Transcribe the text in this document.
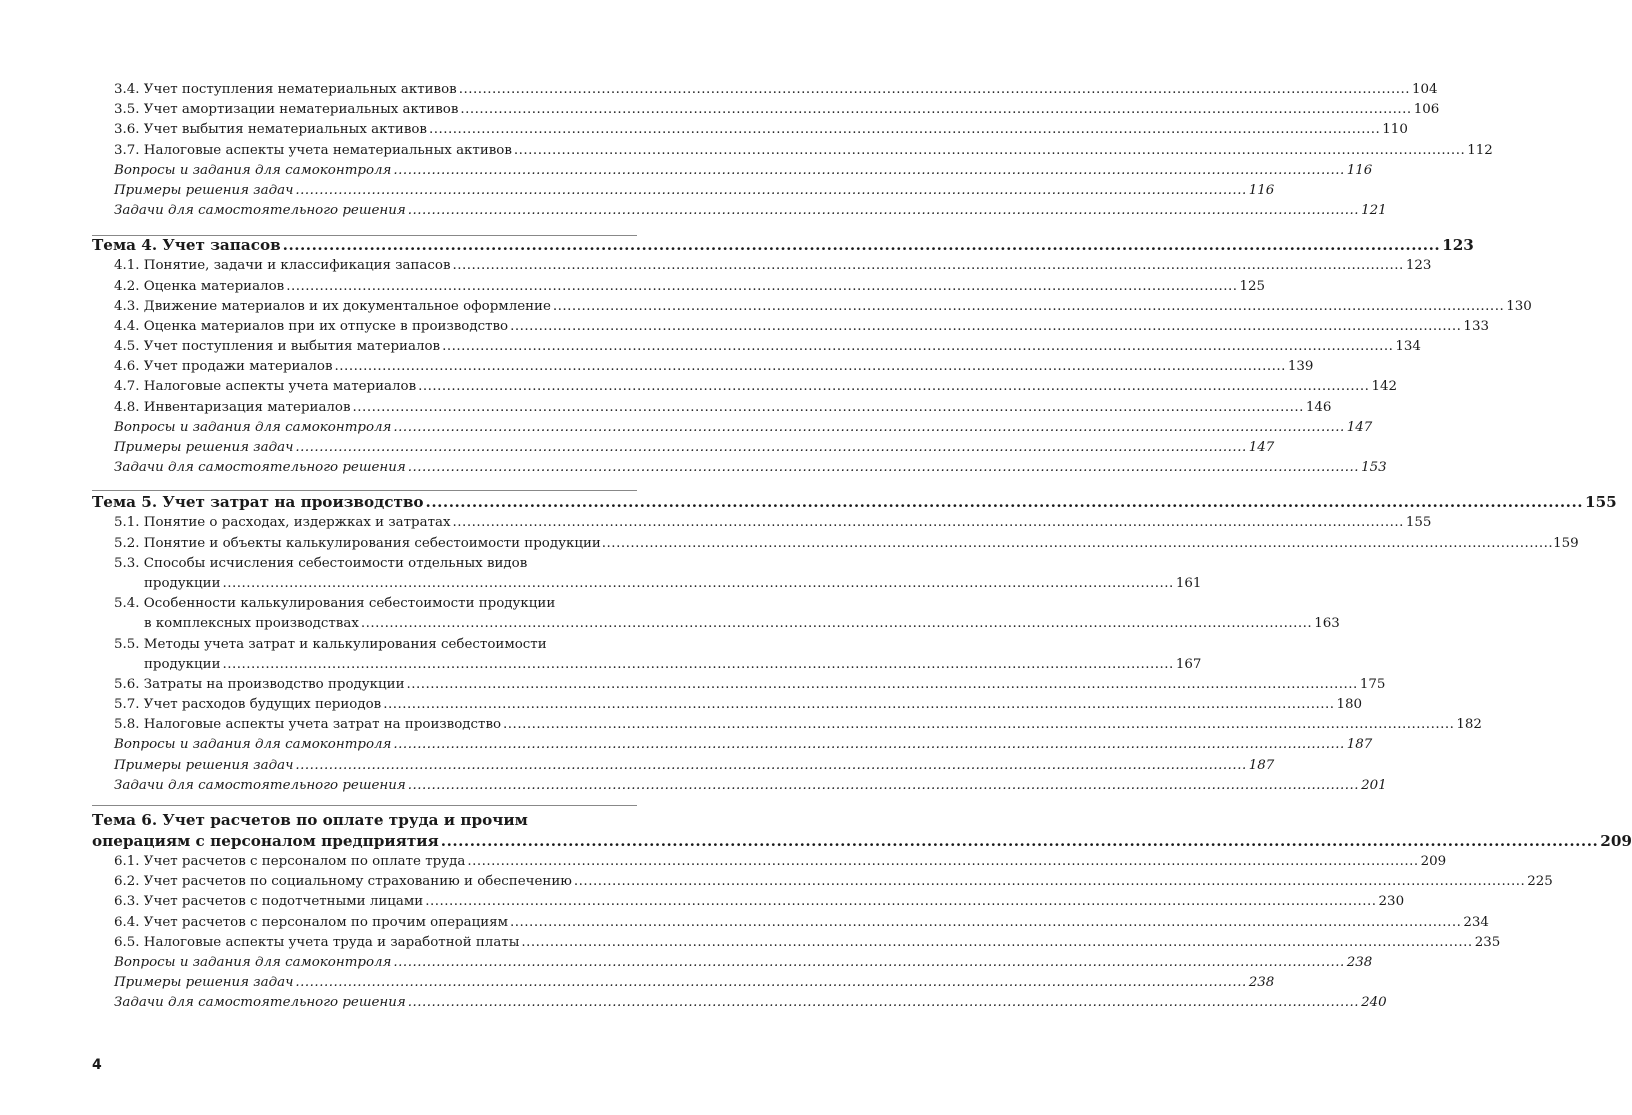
3.4. Учет поступления нематериальных активов .....	104
3.5. Учет амортизации нематериальных активов .....	106
3.6. Учет выбытия нематериальных активов .....	110
3.7. Налоговые аспекты учета нематериальных активов .....	112
Вопросы и задания для самоконтроля .....	116
Примеры решения задач .....	116
Задачи для самостоятельного решения .....	121
Тема 4. Учет запасов .....	123
4.1. Понятие, задачи и классификация запасов .....	123
4.2. Оценка материалов .....	125
4.3. Движение материалов и их документальное оформление .....	130
4.4. Оценка материалов при их отпуске в производство .....	133
4.5. Учет поступления и выбытия материалов .....	134
4.6. Учет продажи материалов .....	139
4.7. Налоговые аспекты учета материалов .....	142
4.8. Инвентаризация материалов .....	146
Вопросы и задания для самоконтроля .....	147
Примеры решения задач .....	147
Задачи для самостоятельного решения .....	153
Тема 5. Учет затрат на производство .....	155
5.1. Понятие о расходах, издержках и затратах .....	155
5.2. Понятие и объекты калькулирования себестоимости продукции .....	159
5.3. Способы исчисления себестоимости отдельных видов
продукции .....	161
5.4. Особенности калькулирования себестоимости продукции
в комплексных производствах .....	163
5.5. Методы учета затрат и калькулирования себестоимости
продукции .....	167
5.6. Затраты на производство продукции .....	175
5.7. Учет расходов будущих периодов .....	180
5.8. Налоговые аспекты учета затрат на производство .....	182
Вопросы и задания для самоконтроля .....	187
Примеры решения задач .....	187
Задачи для самостоятельного решения .....	201
Тема 6. Учет расчетов по оплате труда и прочим
операциям с персоналом предприятия .....	209
6.1. Учет расчетов с персоналом по оплате труда .....	209
6.2. Учет расчетов по социальному страхованию и обеспечению .....	225
6.3. Учет расчетов с подотчетными лицами .....	230
6.4. Учет расчетов с персоналом по прочим операциям .....	234
6.5. Налоговые аспекты учета труда и заработной платы .....	235
Вопросы и задания для самоконтроля .....	238
Примеры решения задач .....	238
Задачи для самостоятельного решения .....	240
4
